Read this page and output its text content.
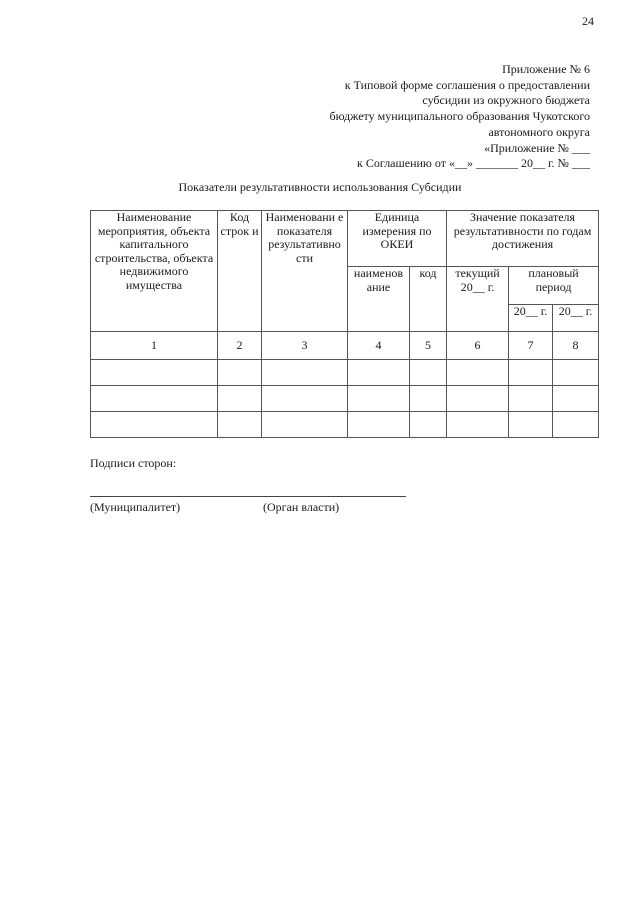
24
Приложение № 6
к Типовой форме соглашения о предоставлении
субсидии из окружного бюджета
бюджету муниципального образования Чукотского
автономного округа
«Приложение № ___
к Соглашению от «__» _______ 20__ г. № ___
Показатели результативности использования Субсидии
Наименование мероприятия, объекта капитального строительства, объекта недвижимого имущества	Код строк и	Наименовани е показателя результативно сти	Единица измерения по ОКЕИ		Значение показателя результативности по годам достижения		
			наименов ание	код	текущий 20__ г.	плановый период	
						20__ г.	20__ г.
1	2	3	4	5	6	7	8

Подписи сторон:
(Муниципалитет)	(Орган власти)
